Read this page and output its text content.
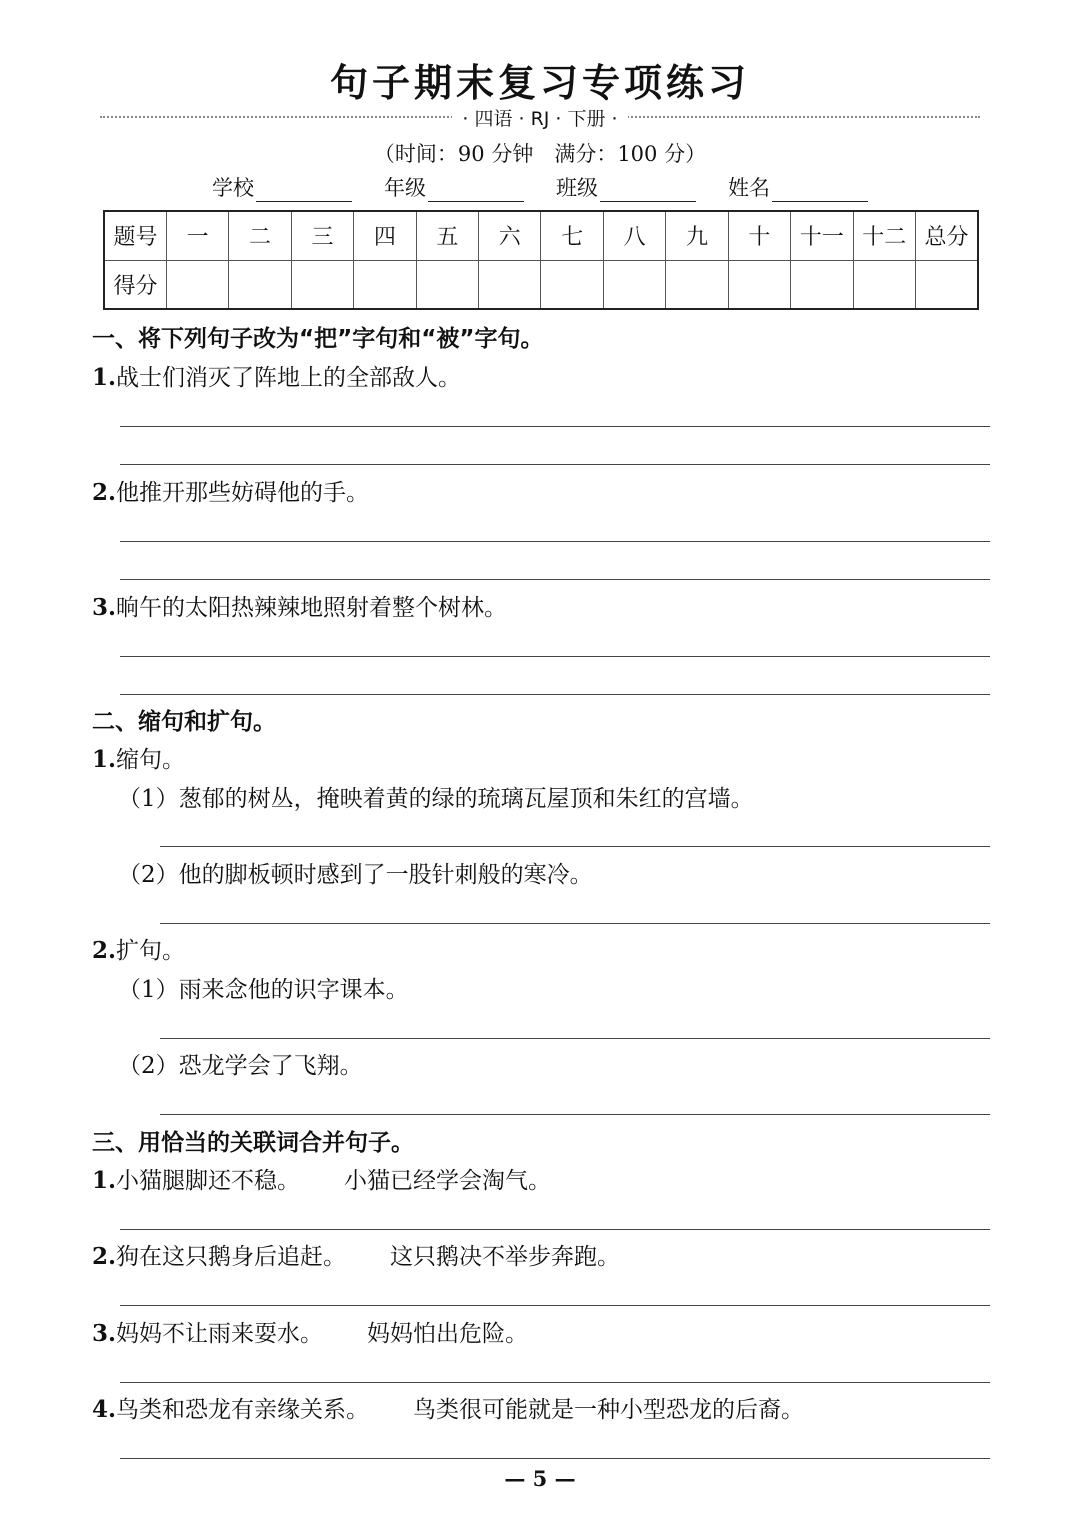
句子期末复习专项练习
· 四语 · RJ · 下册 ·
（时间：90 分钟　满分：100 分）
学校	年级	班级	姓名
题号	一	二	三	四	五	六	七	八	九	十	十一	十二	总分
得分													
一、将下列句子改为“把”字句和“被”字句。
1.战士们消灭了阵地上的全部敌人。
2.他推开那些妨碍他的手。
3.晌午的太阳热辣辣地照射着整个树林。
二、缩句和扩句。
1.缩句。
（1）葱郁的树丛，掩映着黄的绿的琉璃瓦屋顶和朱红的宫墙。
（2）他的脚板顿时感到了一股针刺般的寒冷。
2.扩句。
（1）雨来念他的识字课本。
（2）恐龙学会了飞翔。
三、用恰当的关联词合并句子。
1.小猫腿脚还不稳。 小猫已经学会淘气。
2.狗在这只鹅身后追赶。 这只鹅决不举步奔跑。
3.妈妈不让雨来耍水。 妈妈怕出危险。
4.鸟类和恐龙有亲缘关系。 鸟类很可能就是一种小型恐龙的后裔。
— 5 —
